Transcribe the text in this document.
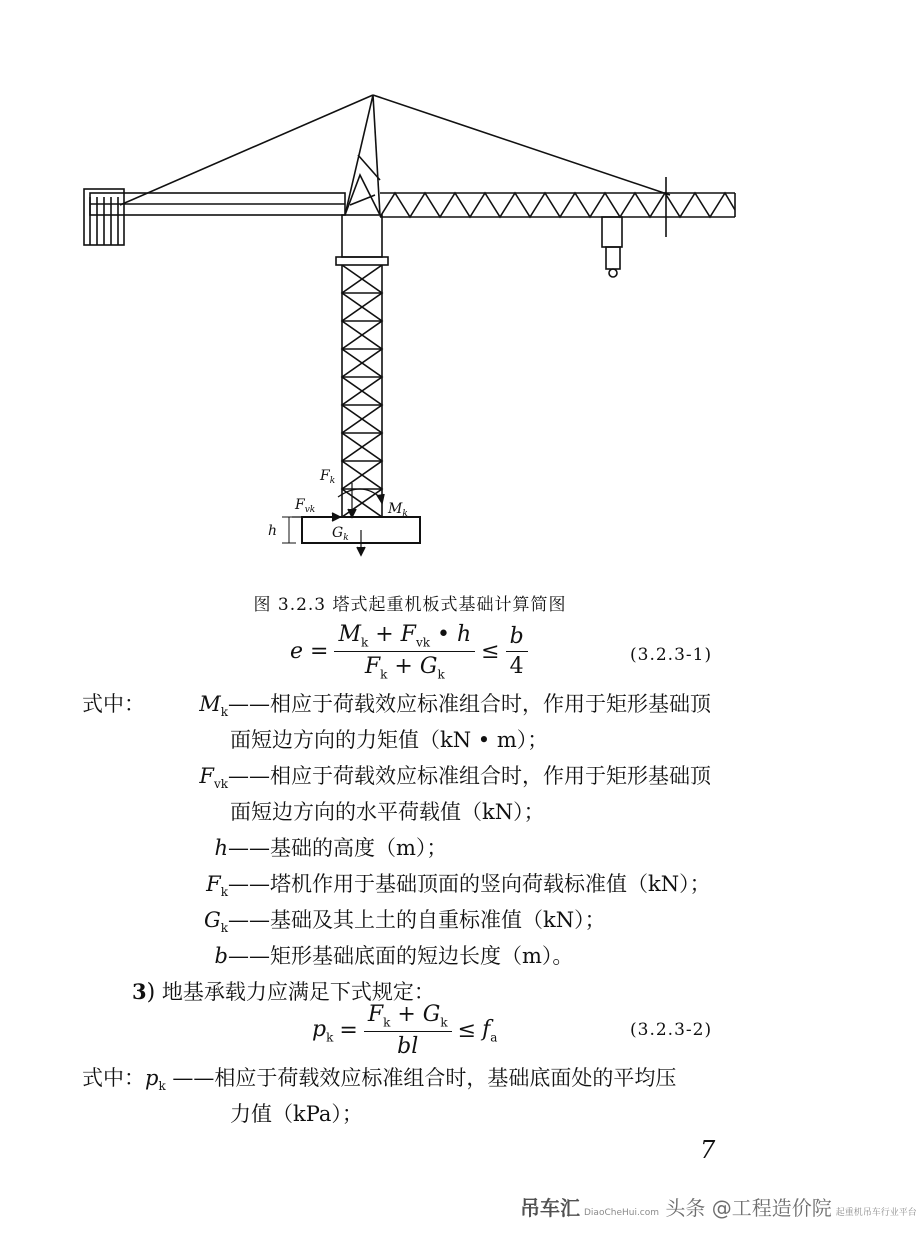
$F_k$
$F_{vk}$	$M_k$
h	$G_k$
图 3.2.3 塔式起重机板式基础计算简图
$e = \frac{M_k + F_{vk} • h}{F_k + G_k} \le \frac{b}{4}$	(3.2.3-1)
式中：	$M_k——$相应于荷载效应标准组合时，作用于矩形基础顶
面短边方向的力矩值（kN • m）；
$F_{vk}——$相应于荷载效应标准组合时，作用于矩形基础顶
面短边方向的水平荷载值（kN）；
h——基础的高度（m）；
$F_k——$塔机作用于基础顶面的竖向荷载标准值（kN）；
$G_k——$基础及其上土的自重标准值（kN）；
b——矩形基础底面的短边长度（m）。
3) 地基承载力应满足下式规定：
$p_k = \frac{F_k + G_k}{bl} \le f_a$	(3.2.3-2)
式中：$p_k$ ——相应于荷载效应标准组合时，基础底面处的平均压
力值（kPa）；
7
吊车汇 DiaoCheHui.com 头条 @工程造价院 起重机吊车行业平台
